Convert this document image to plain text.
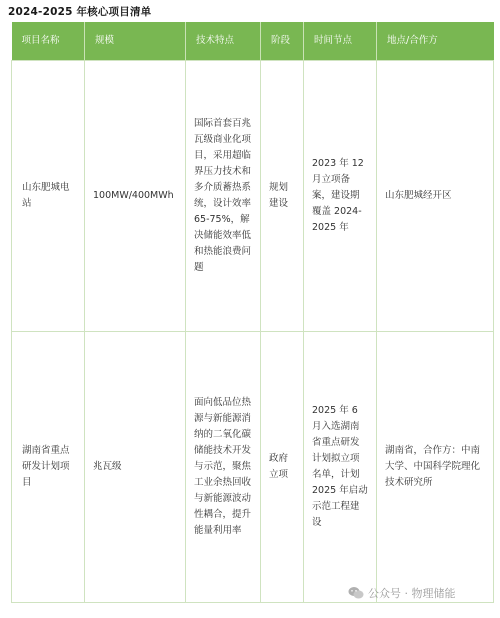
2024-2025 年核心项目清单
项目名称	规模	技术特点	阶段	时间节点	地点/合作方
山东肥城电站	100MW/400MWh	国际首套百兆瓦级商业化项目，采用超临界压力技术和多介质蓄热系统，设计效率65-75%，解决储能效率低和热能浪费问题	规划建设	2023 年 12 月立项备案，建设期覆盖 2024-2025 年	山东肥城经开区
湖南省重点研发计划项目	兆瓦级	面向低品位热源与新能源消纳的二氧化碳储能技术开发与示范，聚焦工业余热回收与新能源波动性耦合，提升能量利用率	政府立项	2025 年 6 月入选湖南省重点研发计划拟立项名单，计划 2025 年启动示范工程建设	湖南省，合作方：中南大学、中国科学院理化技术研究所
公众号 · 物理储能
